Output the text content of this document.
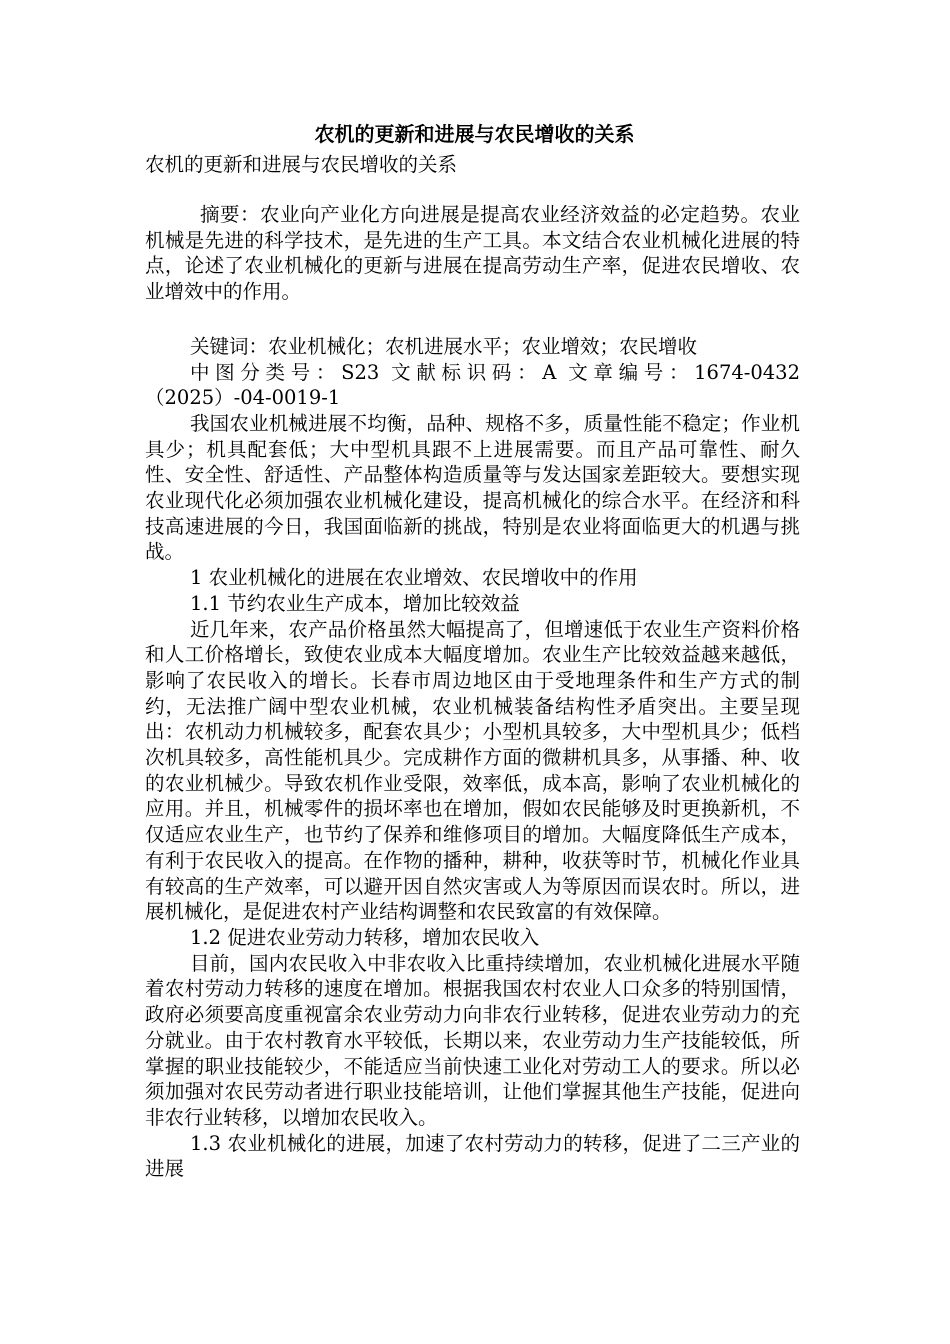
农机的更新和进展与农民增收的关系

农机的更新和进展与农民增收的关系

摘要：农业向产业化方向进展是提高农业经济效益的必定趋势。农业机械是先进的科学技术，是先进的生产工具。本文结合农业机械化进展的特点，论述了农业机械化的更新与进展在提高劳动生产率，促进农民增收、农业增效中的作用。

关键词：农业机械化；农机进展水平；农业增效；农民增收

中图分类号：S23 文献标识码：A 文章编号：1674-0432（2025）-04-0019-1

我国农业机械进展不均衡，品种、规格不多，质量性能不稳定；作业机具少；机具配套低；大中型机具跟不上进展需要。而且产品可靠性、耐久性、安全性、舒适性、产品整体构造质量等与发达国家差距较大。要想实现农业现代化必须加强农业机械化建设，提高机械化的综合水平。在经济和科技高速进展的今日，我国面临新的挑战，特别是农业将面临更大的机遇与挑战。

1 农业机械化的进展在农业增效、农民增收中的作用

1.1 节约农业生产成本，增加比较效益

近几年来，农产品价格虽然大幅提高了，但增速低于农业生产资料价格和人工价格增长，致使农业成本大幅度增加。农业生产比较效益越来越低，影响了农民收入的增长。长春市周边地区由于受地理条件和生产方式的制约，无法推广阔中型农业机械，农业机械装备结构性矛盾突出。主要呈现出：农机动力机械较多，配套农具少；小型机具较多，大中型机具少；低档次机具较多，高性能机具少。完成耕作方面的微耕机具多，从事播、种、收的农业机械少。导致农机作业受限，效率低，成本高，影响了农业机械化的应用。并且，机械零件的损坏率也在增加，假如农民能够及时更换新机，不仅适应农业生产，也节约了保养和维修项目的增加。大幅度降低生产成本，有利于农民收入的提高。在作物的播种，耕种，收获等时节，机械化作业具有较高的生产效率，可以避开因自然灾害或人为等原因而误农时。所以，进展机械化，是促进农村产业结构调整和农民致富的有效保障。

1.2 促进农业劳动力转移，增加农民收入

目前，国内农民收入中非农收入比重持续增加，农业机械化进展水平随着农村劳动力转移的速度在增加。根据我国农村农业人口众多的特别国情，政府必须要高度重视富余农业劳动力向非农行业转移，促进农业劳动力的充分就业。由于农村教育水平较低，长期以来，农业劳动力生产技能较低，所掌握的职业技能较少，不能适应当前快速工业化对劳动工人的要求。所以必须加强对农民劳动者进行职业技能培训，让他们掌握其他生产技能，促进向非农行业转移，以增加农民收入。

1.3 农业机械化的进展，加速了农村劳动力的转移，促进了二三产业的进展
